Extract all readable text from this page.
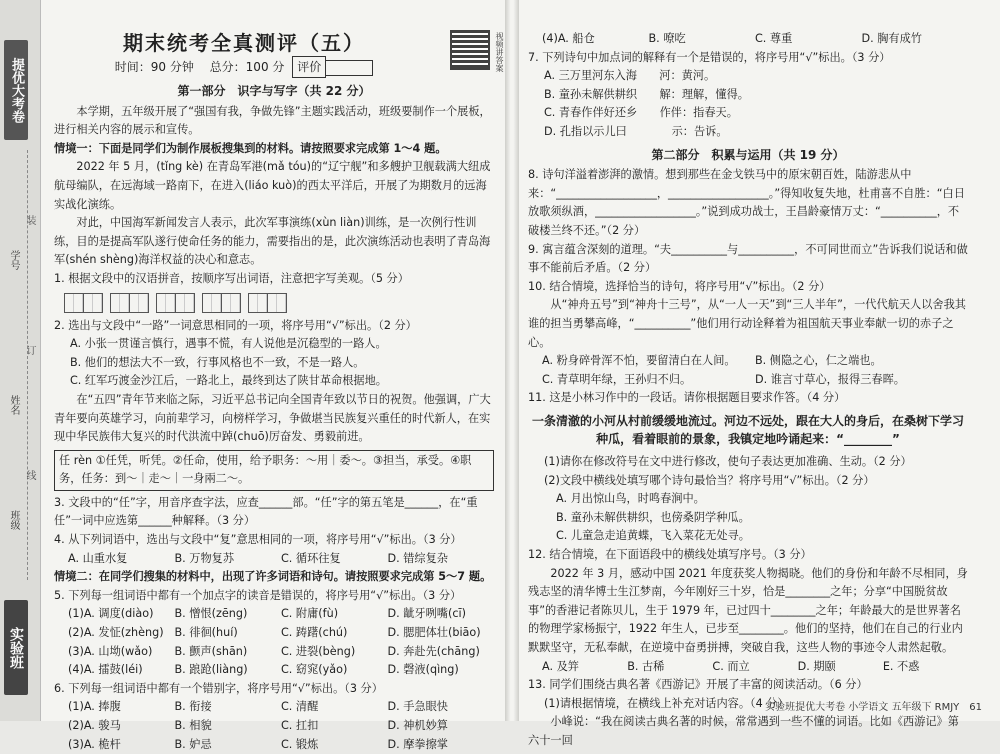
提优大考卷
学号
姓名
班级
装
订
线
实验班
视频讲答案
期末统考全真测评（五）
时间：90 分钟　 总分：100 分 评价
第一部分　识字与写字（共 22 分）

本学期，五年级开展了“强国有我，争做先锋”主题实践活动，班级要制作一个展板，进行相关内容的展示和宣传。

情境一：下面是同学们为制作展板搜集到的材料。请按照要求完成第 1～4 题。

2022 年 5 月，(tǐng kè) 在青岛军港(mǎ tóu)的“辽宁舰”和多艘护卫舰载满大纽成航母编队，在远海域一路南下，在进入(liáo kuò)的西太平洋后，开展了为期数月的远海实战化演练。

对此，中国海军新闻发言人表示，此次军事演练(xùn liàn)训练，是一次例行性训练，目的是提高军队遂行使命任务的能力，需要指出的是，此次演练活动也表明了青岛海军(shén shèng)海洋权益的决心和意志。

1. 根据文段中的汉语拼音，按顺序写出词语，注意把字写美观。（5 分）

2. 选出与文段中“一路”一词意思相同的一项，将序号用“√”标出。（2 分）

A. 小张一贯谨言慎行，遇事不慌，有人说他是沉稳型的一路人。

B. 他们的想法大不一致，行事风格也不一致，不是一路人。

C. 红军巧渡金沙江后，一路北上，最终到达了陕甘革命根据地。

在“五四”青年节来临之际，习近平总书记向全国青年致以节日的祝贺。他强调，广大青年要向英雄学习，向前辈学习，向榜样学习，争做堪当民族复兴重任的时代新人，在实现中华民族伟大复兴的时代洪流中踔(chuō)厉奋发、勇毅前进。

任 rèn ①任凭，听凭。②任命，使用，给予职务：～用｜委～。③担当，承受。④职务，任务：到～｜走～｜一身兩二～。

3. 文段中的“任”字，用音序查字法，应查______部。“任”字的第五笔是______，在“重任”一词中应选第______种解释。（3 分）

4. 从下列词语中，选出与文段中“复”意思相同的一项，将序号用“√”标出。（3 分）

A. 山重水复	B. 万物复苏	C. 循环往复	D. 错综复杂

情境二：在同学们搜集的材料中，出现了许多词语和诗句。请按照要求完成第 5～7 题。

5. 下列每一组词语中都有一个加点字的读音是错误的，将序号用“√”标出。（3 分）

(1)A. 调度(diào)	B. 憎恨(zēng)	C. 附庸(fù)	D. 龇牙咧嘴(cī)
(2)A. 发怔(zhèng) B. 徘徊(huí)	C. 踌躇(chú)	D. 腮肥体壮(biāo)
(3)A. 山坳(wǎo)	B. 颤声(shān)	C. 进裂(bèng)	D. 奔赴先(chāng)
(4)A. 擂鼓(léi)	B. 踉跄(liàng)	C. 窈窕(yǎo)	D. 磬液(qìng)

6. 下列每一组词语中都有一个错别字，将序号用“√”标出。（3 分）

(1)A. 捧腹	B. 衔接	C. 清醒	D. 手急眼快
(2)A. 骏马	B. 相貌	C. 扛扣	D. 神机妙算
(3)A. 桅杆	B. 妒忌	C. 锻炼	D. 摩拳擦掌
(4)A. 船仓	B. 嘹吃	C. 尊重	D. 胸有成竹

7. 下列诗句中加点词的解释有一个是错误的，将序号用“√”标出。（3 分）

A. 三万里河东入海　　河：黄河。

B. 童孙未解供耕织　　解：理解，懂得。

C. 青春作伴好还乡　　作伴：指春天。

D. 孔指以示儿曰　　　　示：告诉。

第二部分　积累与运用（共 19 分）

8. 诗句洋溢着澎湃的激情。想到那些在金戈铁马中的原宋朝百姓，陆游悲从中来：“__________________，__________________。”得知收复失地，杜甫喜不自胜：“白日放歌须纵酒，__________________。”说到成功战士，王昌龄豪情万丈：“__________，不破楼兰终不还。”（2 分）

9. 寓言蕴含深刻的道理。“夫__________与__________，不可同世而立”告诉我们说话和做事不能前后矛盾。（2 分）

10. 结合情境，选择恰当的诗句，将序号用“√”标出。（2 分）

从“神舟五号”到“神舟十三号”，从“一人一天”到“三人半年”，一代代航天人以舍我其谁的担当勇攀高峰，“__________”他们用行动诠释着为祖国航天事业奉献一切的赤子之心。

A. 粉身碎骨浑不怕，要留清白在人间。	B. 侧隐之心，仁之端也。
C. 青草明年绿，王孙归不归。	D. 谁言寸草心，报得三春晖。

11. 这是小林习作中的一段话。请你根据题目要求作答。（4 分）

一条清澈的小河从村前缓缓地流过。河边不远处，跟在大人的身后，在桑树下学习种瓜，看着眼前的景象，我镇定地吟诵起来：“________”

(1)请你在修改符号在文中进行修改，使句子表达更加准确、生动。（2 分）

(2)文段中横线处填写哪个诗句最恰当？将序号用“√”标出。（2 分）

A. 月出惊山鸟，时鸣春涧中。

B. 童孙未解供耕织，也傍桑阴学种瓜。

C. 儿童急走追黄蝶，飞入菜花无处寻。

12. 结合情境，在下面语段中的横线处填写序号。（3 分）

2022 年 3 月，感动中国 2021 年度获奖人物揭晓。他们的身份和年龄不尽相同，身残志坚的清华博士生江梦南，今年刚好三十岁，恰是________之年；分享“中国脱贫故事”的香港记者陈贝儿，生于 1979 年，已过四十________之年；年龄最大的是世界著名的物理学家杨振宁，1922 年生人，已步至________。他们的坚持，他们在自己的行业内默默坚守，无私奉献，在逆境中奋勇拼搏，突破自我，这些人物的事迹令人肃然起敬。

A. 及笄	B. 古稀	C. 而立	D. 期颐	E. 不惑

13. 同学们围绕古典名著《西游记》开展了丰富的阅读活动。（6 分）

(1)请根据情境，在横线上补充对话内容。（4 分）

小峰说：“我在阅读古典名著的时候，常常遇到一些不懂的词语。比如《西游记》第六十一回

实验班提优大考卷 小学语文 五年级下 RMJY　61
